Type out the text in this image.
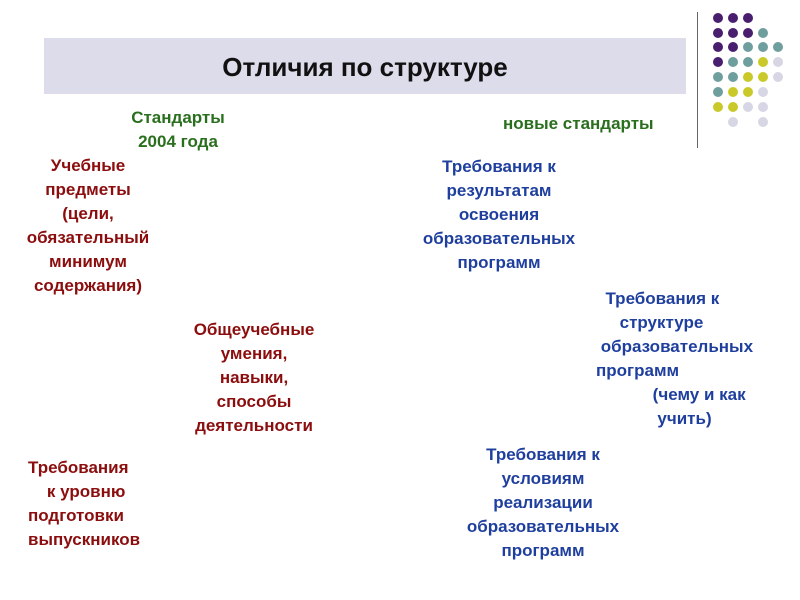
Отличия по структуре
Стандарты
2004 года
новые стандарты
Учебные
предметы
(цели,
обязательный
минимум
содержания)
Общеучебные
умения,
навыки,
способы
деятельности
Требования
к уровню
подготовки
выпускников
Требования к
результатам
освоения
образовательных
программ
Требования к
структуре
образовательных
программ
(чему и как
учить)
Требования к
условиям
реализации
образовательных
программ
